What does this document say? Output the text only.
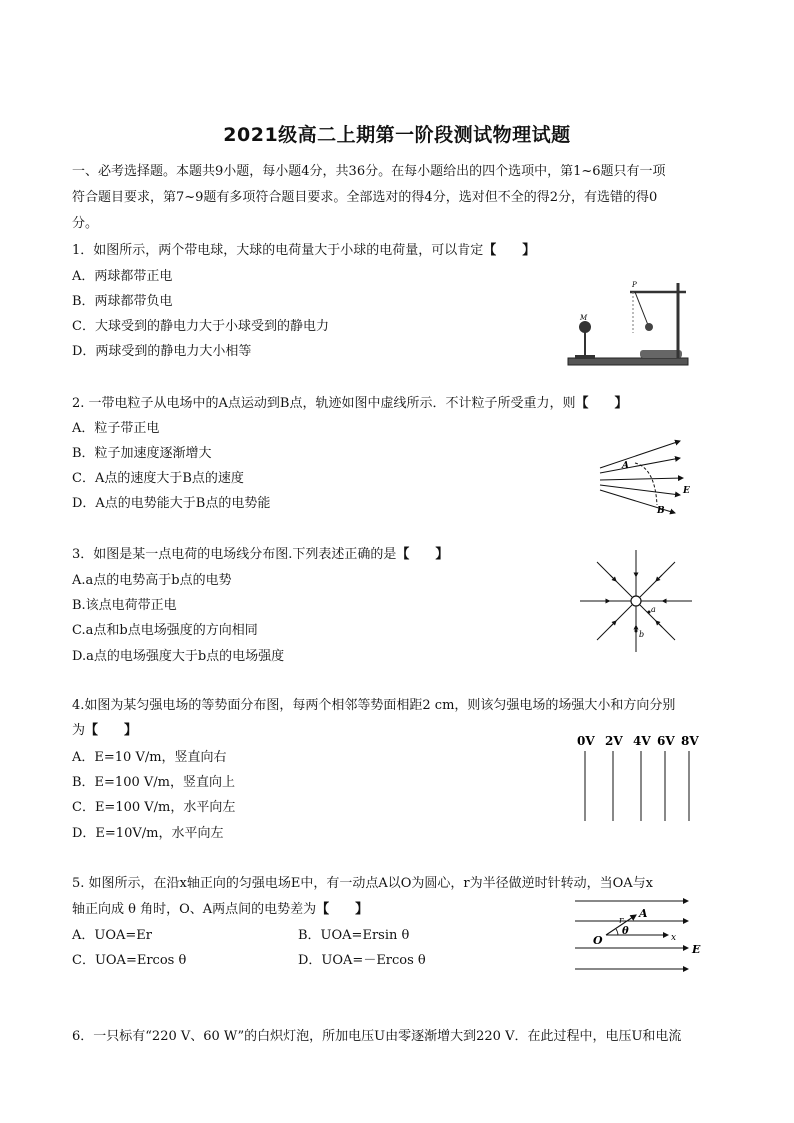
2021级高二上期第一阶段测试物理试题
一、必考选择题。本题共9小题，每小题4分，共36分。在每小题给出的四个选项中，第1~6题只有一项
符合题目要求，第7~9题有多项符合题目要求。全部选对的得4分，选对但不全的得2分，有选错的得0
分。
1．如图所示，两个带电球，大球的电荷量大于小球的电荷量，可以肯定【　　】
A．两球都带正电
B．两球都带负电
C．大球受到的静电力大于小球受到的静电力
D．两球受到的静电力大小相等
P
M
2. 一带电粒子从电场中的A点运动到B点，轨迹如图中虚线所示．不计粒子所受重力，则【　　】
A．粒子带正电
B．粒子加速度逐渐增大
C．A点的速度大于B点的速度
D．A点的电势能大于B点的电势能
A
B
E
3．如图是某一点电荷的电场线分布图.下列表述正确的是【　　】
A.a点的电势高于b点的电势
B.该点电荷带正电
C.a点和b点电场强度的方向相同
D.a点的电场强度大于b点的电场强度
a
b
4.如图为某匀强电场的等势面分布图，每两个相邻等势面相距2 cm，则该匀强电场的场强大小和方向分别
为【　　】
A．E=10 V/m，竖直向右
B．E=100 V/m，竖直向上
C．E=100 V/m，水平向左
D．E=10V/m，水平向左
0V 2V 4V 6V 8V
5. 如图所示，在沿x轴正向的匀强电场E中，有一动点A以O为圆心，r为半径做逆时针转动，当OA与x
轴正向成 θ 角时，O、A两点间的电势差为【　　】
A．UOA=Er	B．UOA=Ersin θ
C．UOA=Ercos θ	D．UOA=－Ercos θ
A
r
θ
O	x
E
6．一只标有“220 V、60 W”的白炽灯泡，所加电压U由零逐渐增大到220 V．在此过程中，电压U和电流
